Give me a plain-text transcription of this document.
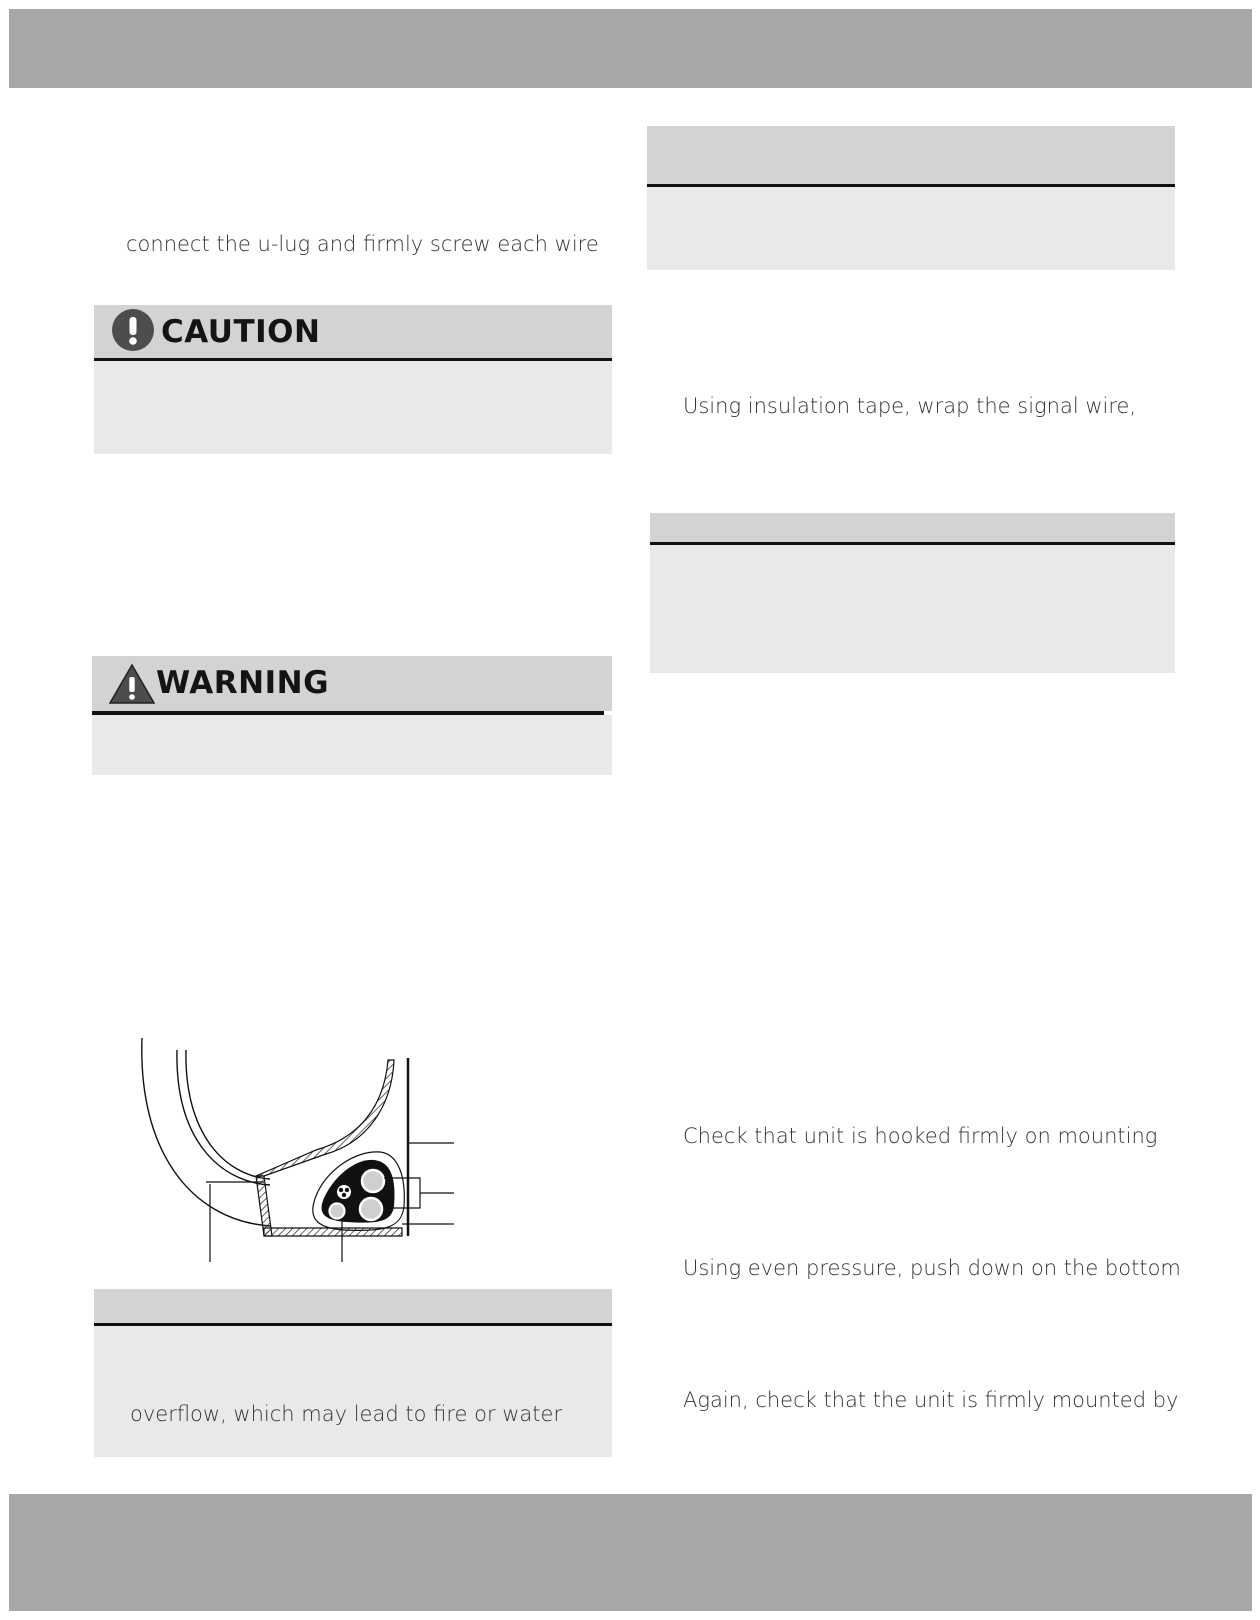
connect the u-lug and firmly screw each wire
CAUTION
WARNING
overflow, which may lead to fire or water
Using insulation tape, wrap the signal wire,
Check that unit is hooked firmly on mounting
Using even pressure, push down on the bottom
Again, check that the unit is firmly mounted by
